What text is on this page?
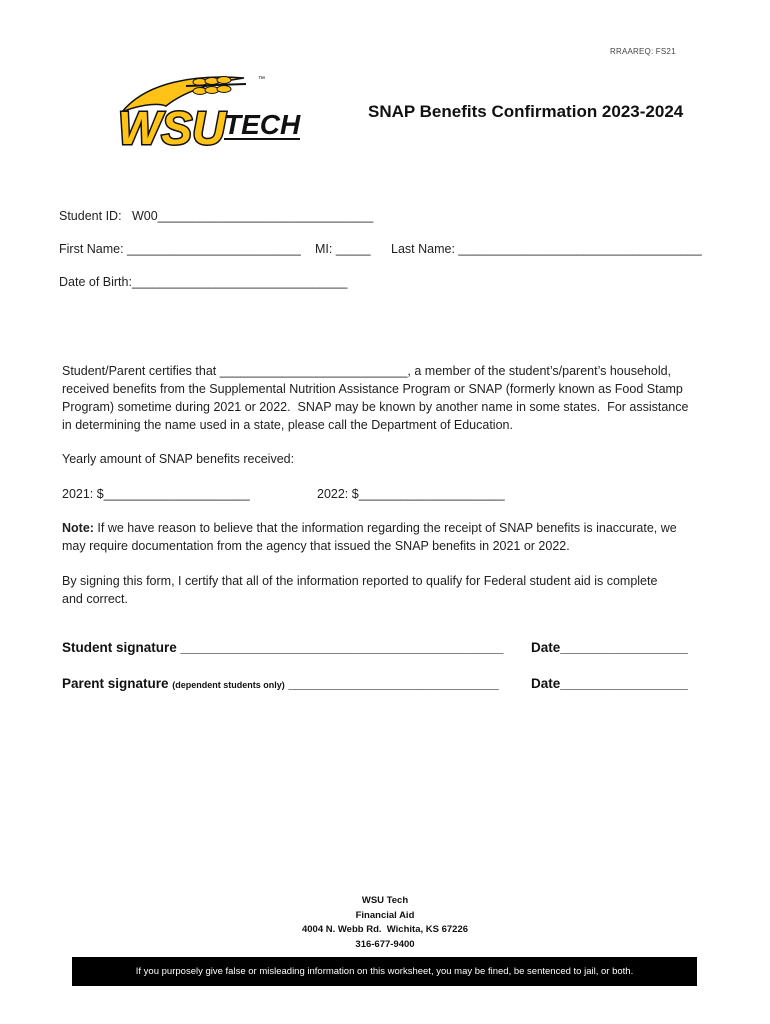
RRAAREQ: FS21
™
WSU
TECH	SNAP Benefits Confirmation 2023-2024
Student ID:   W00_______________________________
First Name: _________________________ MI: _____ Last Name: ___________________________________
Date of Birth:_______________________________
Student/Parent certifies that ___________________________, a member of the student’s/parent’s household,
received benefits from the Supplemental Nutrition Assistance Program or SNAP (formerly known as Food Stamp
Program) sometime during 2021 or 2022.  SNAP may be known by another name in some states.  For assistance
in determining the name used in a state, please call the Department of Education.
Yearly amount of SNAP benefits received:
2021: $_____________________	2022: $_____________________
Note: If we have reason to believe that the information regarding the receipt of SNAP benefits is inaccurate, we
may require documentation from the agency that issued the SNAP benefits in 2021 or 2022.
By signing this form, I certify that all of the information reported to qualify for Federal student aid is complete
and correct.
Student signature ___________________________________________ Date_________________
Parent signature (dependent students only) ____________________________ Date_________________
WSU Tech
Financial Aid
4004 N. Webb Rd.  Wichita, KS 67226
316-677-9400
If you purposely give false or misleading information on this worksheet, you may be fined, be sentenced to jail, or both.
